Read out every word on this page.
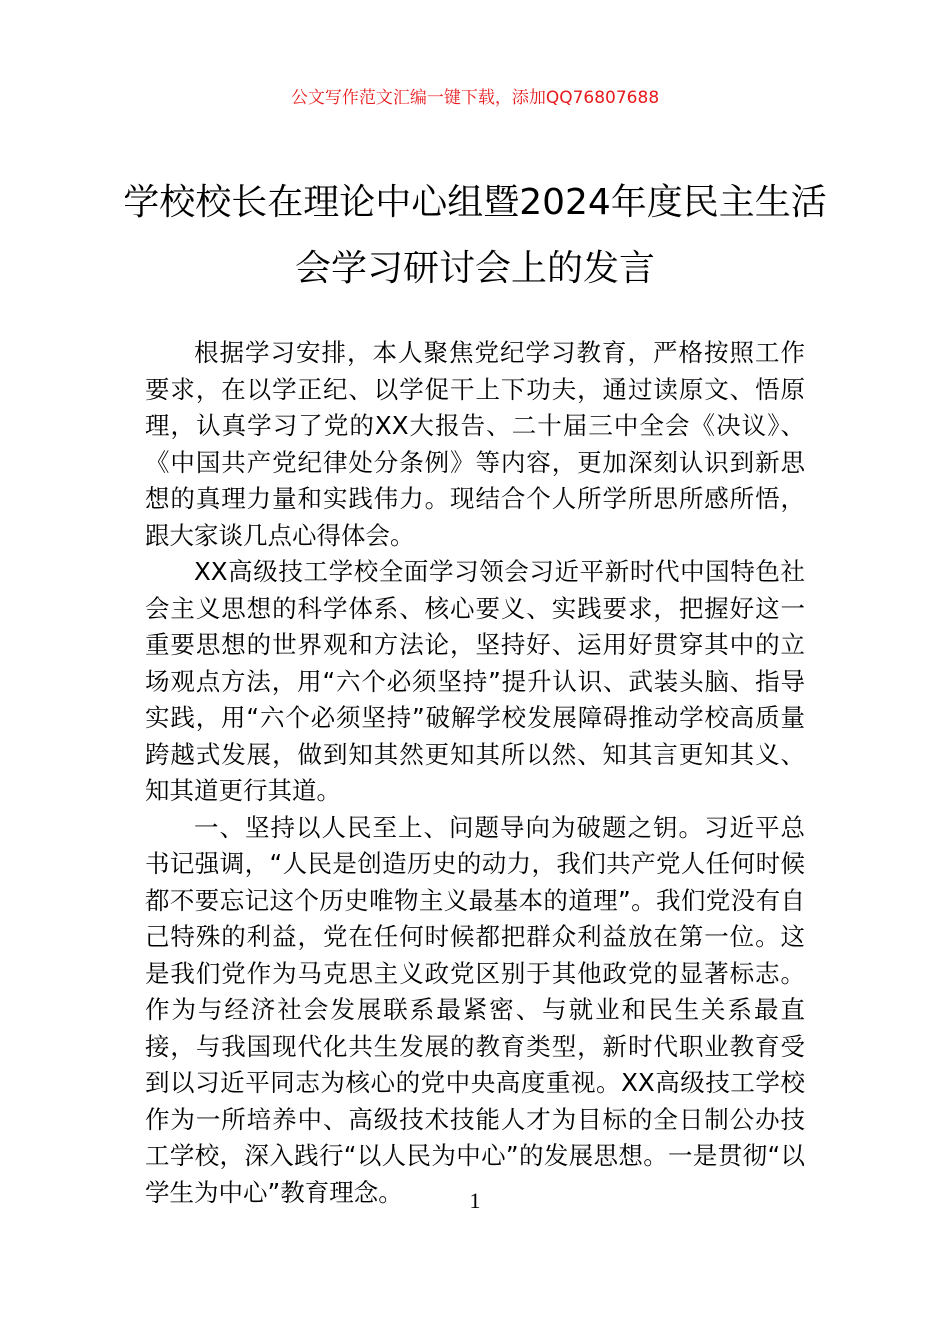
公文写作范文汇编一键下载，添加QQ76807688
学校校长在理论中心组暨2024年度民主生活会学习研讨会上的发言

根据学习安排，本人聚焦党纪学习教育，严格按照工作要求，在以学正纪、以学促干上下功夫，通过读原文、悟原理，认真学习了党的XX大报告、二十届三中全会《决议》、《中国共产党纪律处分条例》等内容，更加深刻认识到新思想的真理力量和实践伟力。现结合个人所学所思所感所悟，跟大家谈几点心得体会。

XX高级技工学校全面学习领会习近平新时代中国特色社会主义思想的科学体系、核心要义、实践要求，把握好这一重要思想的世界观和方法论，坚持好、运用好贯穿其中的立场观点方法，用“六个必须坚持”提升认识、武装头脑、指导实践，用“六个必须坚持”破解学校发展障碍推动学校高质量跨越式发展，做到知其然更知其所以然、知其言更知其义、知其道更行其道。

一、坚持以人民至上、问题导向为破题之钥。习近平总书记强调，“人民是创造历史的动力，我们共产党人任何时候都不要忘记这个历史唯物主义最基本的道理”。我们党没有自己特殊的利益，党在任何时候都把群众利益放在第一位。这是我们党作为马克思主义政党区别于其他政党的显著标志。作为与经济社会发展联系最紧密、与就业和民生关系最直接，与我国现代化共生发展的教育类型，新时代职业教育受到以习近平同志为核心的党中央高度重视。XX高级技工学校作为一所培养中、高级技术技能人才为目标的全日制公办技工学校，深入践行“以人民为中心”的发展思想。一是贯彻“以学生为中心”教育理念。	1
